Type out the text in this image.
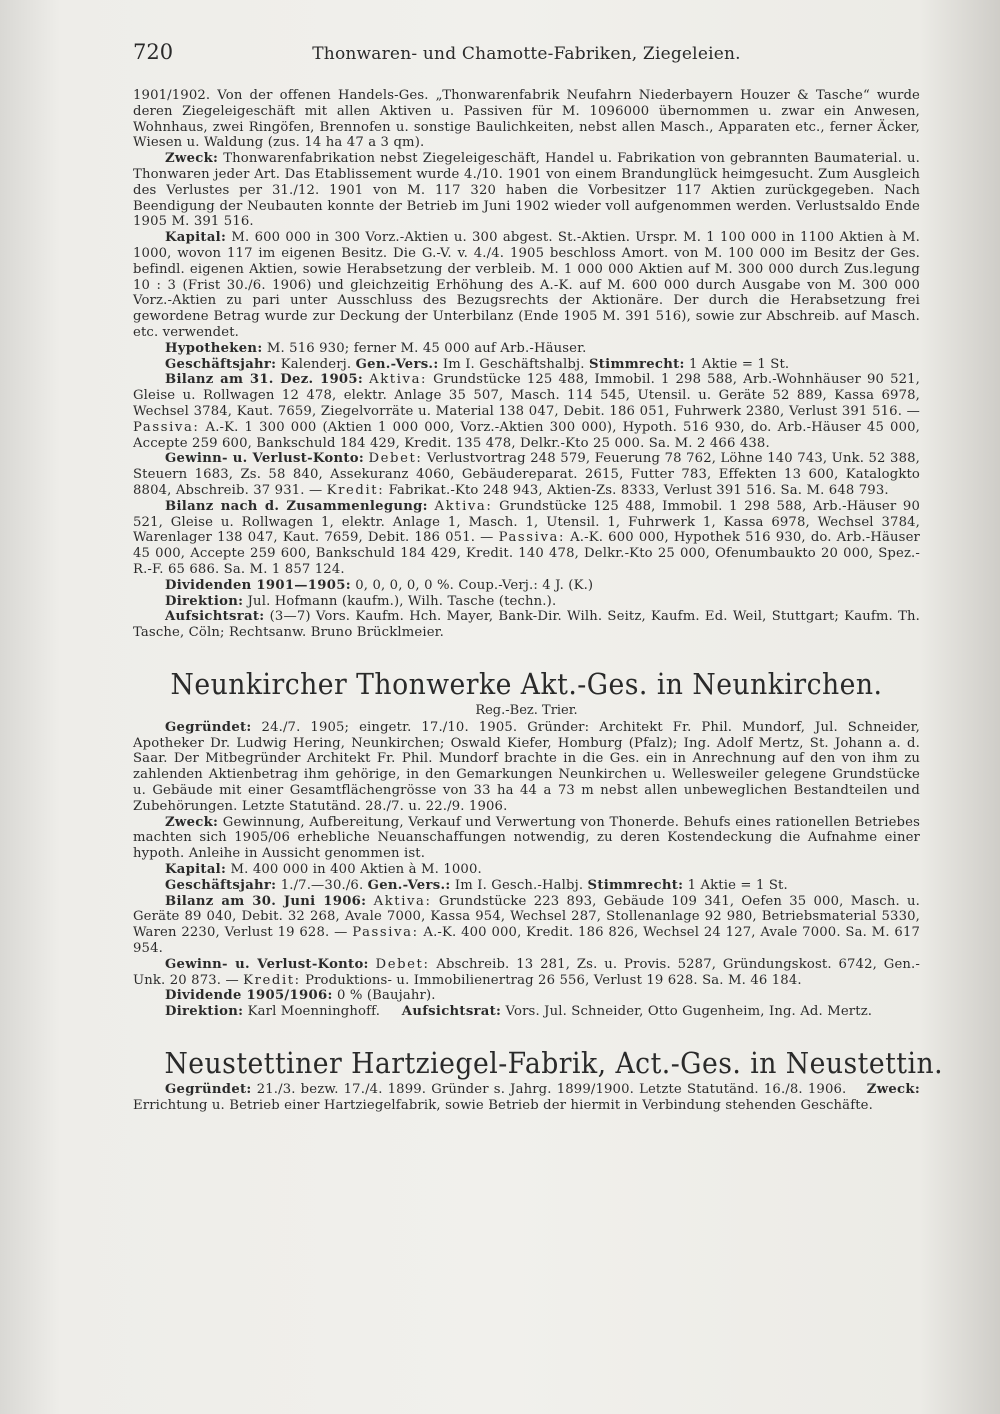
720	Thonwaren- und Chamotte-Fabriken, Ziegeleien.

1901/1902. Von der offenen Handels-Ges. „Thonwarenfabrik Neufahrn Niederbayern Houzer & Tasche“ wurde deren Ziegeleigeschäft mit allen Aktiven u. Passiven für M. 1096000 übernommen u. zwar ein Anwesen, Wohnhaus, zwei Ringöfen, Brennofen u. sonstige Baulichkeiten, nebst allen Masch., Apparaten etc., ferner Äcker, Wiesen u. Waldung (zus. 14 ha 47 a 3 qm).

Zweck: Thonwarenfabrikation nebst Ziegeleigeschäft, Handel u. Fabrikation von gebrannten Baumaterial. u. Thonwaren jeder Art. Das Etablissement wurde 4./10. 1901 von einem Brandunglück heimgesucht. Zum Ausgleich des Verlustes per 31./12. 1901 von M. 117 320 haben die Vorbesitzer 117 Aktien zurückgegeben. Nach Beendigung der Neubauten konnte der Betrieb im Juni 1902 wieder voll aufgenommen werden. Verlustsaldo Ende 1905 M. 391 516.

Kapital: M. 600 000 in 300 Vorz.-Aktien u. 300 abgest. St.-Aktien. Urspr. M. 1 100 000 in 1100 Aktien à M. 1000, wovon 117 im eigenen Besitz. Die G.-V. v. 4./4. 1905 beschloss Amort. von M. 100 000 im Besitz der Ges. befindl. eigenen Aktien, sowie Herabsetzung der verbleib. M. 1 000 000 Aktien auf M. 300 000 durch Zus.legung 10 : 3 (Frist 30./6. 1906) und gleichzeitig Erhöhung des A.-K. auf M. 600 000 durch Ausgabe von M. 300 000 Vorz.-Aktien zu pari unter Ausschluss des Bezugsrechts der Aktionäre. Der durch die Herabsetzung frei gewordene Betrag wurde zur Deckung der Unterbilanz (Ende 1905 M. 391 516), sowie zur Abschreib. auf Masch. etc. verwendet.

Hypotheken: M. 516 930; ferner M. 45 000 auf Arb.-Häuser.

Geschäftsjahr: Kalenderj. Gen.-Vers.: Im I. Geschäftshalbj. Stimmrecht: 1 Aktie = 1 St.

Bilanz am 31. Dez. 1905: Aktiva: Grundstücke 125 488, Immobil. 1 298 588, Arb.-Wohnhäuser 90 521, Gleise u. Rollwagen 12 478, elektr. Anlage 35 507, Masch. 114 545, Utensil. u. Geräte 52 889, Kassa 6978, Wechsel 3784, Kaut. 7659, Ziegelvorräte u. Material 138 047, Debit. 186 051, Fuhrwerk 2380, Verlust 391 516. — Passiva: A.-K. 1 300 000 (Aktien 1 000 000, Vorz.-Aktien 300 000), Hypoth. 516 930, do. Arb.-Häuser 45 000, Accepte 259 600, Bankschuld 184 429, Kredit. 135 478, Delkr.-Kto 25 000. Sa. M. 2 466 438.

Gewinn- u. Verlust-Konto: Debet: Verlustvortrag 248 579, Feuerung 78 762, Löhne 140 743, Unk. 52 388, Steuern 1683, Zs. 58 840, Assekuranz 4060, Gebäudereparat. 2615, Futter 783, Effekten 13 600, Katalogkto 8804, Abschreib. 37 931. — Kredit: Fabrikat.-Kto 248 943, Aktien-Zs. 8333, Verlust 391 516. Sa. M. 648 793.

Bilanz nach d. Zusammenlegung: Aktiva: Grundstücke 125 488, Immobil. 1 298 588, Arb.-Häuser 90 521, Gleise u. Rollwagen 1, elektr. Anlage 1, Masch. 1, Utensil. 1, Fuhrwerk 1, Kassa 6978, Wechsel 3784, Warenlager 138 047, Kaut. 7659, Debit. 186 051. — Passiva: A.-K. 600 000, Hypothek 516 930, do. Arb.-Häuser 45 000, Accepte 259 600, Bankschuld 184 429, Kredit. 140 478, Delkr.-Kto 25 000, Ofenumbaukto 20 000, Spez.-R.-F. 65 686. Sa. M. 1 857 124.

Dividenden 1901—1905: 0, 0, 0, 0, 0 %. Coup.-Verj.: 4 J. (K.)

Direktion: Jul. Hofmann (kaufm.), Wilh. Tasche (techn.).

Aufsichtsrat: (3—7) Vors. Kaufm. Hch. Mayer, Bank-Dir. Wilh. Seitz, Kaufm. Ed. Weil, Stuttgart; Kaufm. Th. Tasche, Cöln; Rechtsanw. Bruno Brücklmeier.

Neunkircher Thonwerke Akt.-Ges. in Neunkirchen.
Reg.-Bez. Trier.

Gegründet: 24./7. 1905; eingetr. 17./10. 1905. Gründer: Architekt Fr. Phil. Mundorf, Jul. Schneider, Apotheker Dr. Ludwig Hering, Neunkirchen; Oswald Kiefer, Homburg (Pfalz); Ing. Adolf Mertz, St. Johann a. d. Saar. Der Mitbegründer Architekt Fr. Phil. Mundorf brachte in die Ges. ein in Anrechnung auf den von ihm zu zahlenden Aktienbetrag ihm gehörige, in den Gemarkungen Neunkirchen u. Wellesweiler gelegene Grundstücke u. Gebäude mit einer Gesamtflächengrösse von 33 ha 44 a 73 m nebst allen unbeweglichen Bestandteilen und Zubehörungen. Letzte Statutänd. 28./7. u. 22./9. 1906.

Zweck: Gewinnung, Aufbereitung, Verkauf und Verwertung von Thonerde. Behufs eines rationellen Betriebes machten sich 1905/06 erhebliche Neuanschaffungen notwendig, zu deren Kostendeckung die Aufnahme einer hypoth. Anleihe in Aussicht genommen ist.

Kapital: M. 400 000 in 400 Aktien à M. 1000.

Geschäftsjahr: 1./7.—30./6. Gen.-Vers.: Im I. Gesch.-Halbj. Stimmrecht: 1 Aktie = 1 St.

Bilanz am 30. Juni 1906: Aktiva: Grundstücke 223 893, Gebäude 109 341, Oefen 35 000, Masch. u. Geräte 89 040, Debit. 32 268, Avale 7000, Kassa 954, Wechsel 287, Stollenanlage 92 980, Betriebsmaterial 5330, Waren 2230, Verlust 19 628. — Passiva: A.-K. 400 000, Kredit. 186 826, Wechsel 24 127, Avale 7000. Sa. M. 617 954.

Gewinn- u. Verlust-Konto: Debet: Abschreib. 13 281, Zs. u. Provis. 5287, Gründungskost. 6742, Gen.-Unk. 20 873. — Kredit: Produktions- u. Immobilienertrag 26 556, Verlust 19 628. Sa. M. 46 184.

Dividende 1905/1906: 0 % (Baujahr).

Direktion: Karl Moenninghoff. Aufsichtsrat: Vors. Jul. Schneider, Otto Gugenheim, Ing. Ad. Mertz.

Neustettiner Hartziegel-Fabrik, Act.-Ges. in Neustettin.

Gegründet: 21./3. bezw. 17./4. 1899. Gründer s. Jahrg. 1899/1900. Letzte Statutänd. 16./8. 1906. Zweck: Errichtung u. Betrieb einer Hartziegelfabrik, sowie Betrieb der hiermit in Verbindung stehenden Geschäfte.
